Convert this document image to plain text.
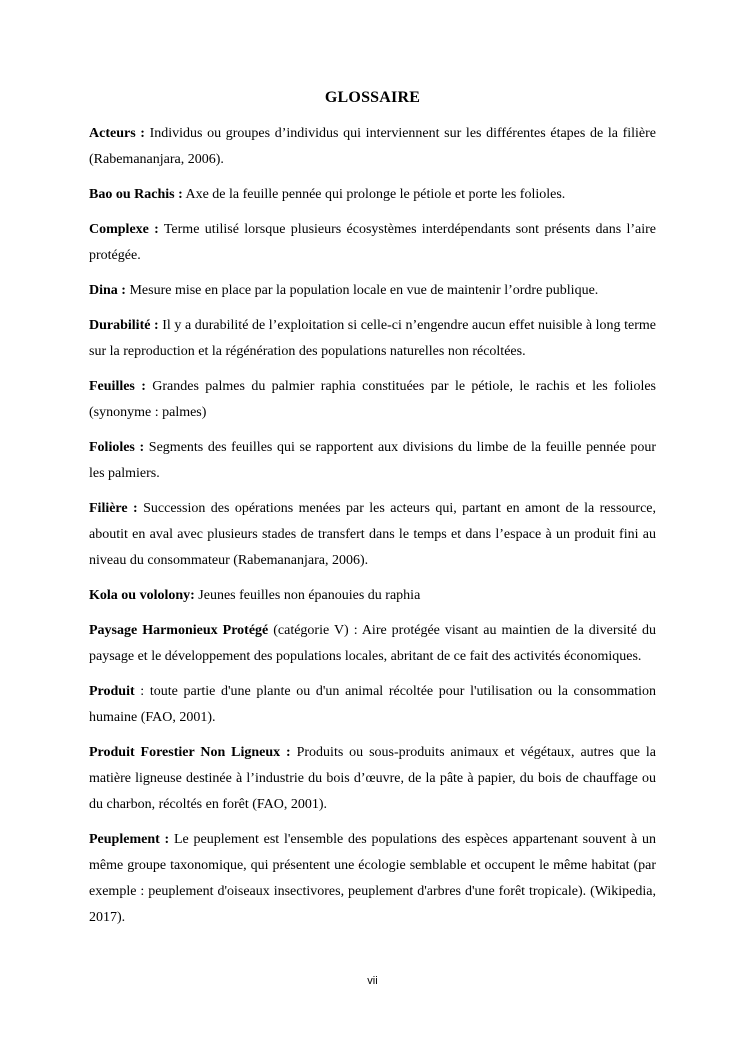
GLOSSAIRE

Acteurs : Individus ou groupes d’individus qui interviennent sur les différentes étapes de la filière (Rabemananjara, 2006).

Bao ou Rachis : Axe de la feuille pennée qui prolonge le pétiole et porte les folioles.

Complexe : Terme utilisé lorsque plusieurs écosystèmes interdépendants sont présents dans l’aire protégée.

Dina : Mesure mise en place par la population locale en vue de maintenir l’ordre publique.

Durabilité : Il y a durabilité de l’exploitation si celle-ci n’engendre aucun effet nuisible à long terme sur la reproduction et la régénération des populations naturelles non récoltées.

Feuilles : Grandes palmes du palmier raphia constituées par le pétiole, le rachis et les folioles (synonyme : palmes)

Folioles : Segments des feuilles qui se rapportent aux divisions du limbe de la feuille pennée pour les palmiers.

Filière : Succession des opérations menées par les acteurs qui, partant en amont de la ressource, aboutit en aval avec plusieurs stades de transfert dans le temps et dans l’espace à un produit fini au niveau du consommateur (Rabemananjara, 2006).

Kola ou vololony: Jeunes feuilles non épanouies du raphia

Paysage Harmonieux Protégé (catégorie V) : Aire protégée visant au maintien de la diversité du paysage et le développement des populations locales, abritant de ce fait des activités économiques.

Produit : toute partie d'une plante ou d'un animal récoltée pour l'utilisation ou la consommation humaine (FAO, 2001).

Produit Forestier Non Ligneux : Produits ou sous-produits animaux et végétaux, autres que la matière ligneuse destinée à l’industrie du bois d’œuvre, de la pâte à papier, du bois de chauffage ou du charbon, récoltés en forêt (FAO, 2001).

Peuplement : Le peuplement est l'ensemble des populations des espèces appartenant souvent à un même groupe taxonomique, qui présentent une écologie semblable et occupent le même habitat (par exemple : peuplement d'oiseaux insectivores, peuplement d'arbres d'une forêt tropicale). (Wikipedia, 2017).

vii
